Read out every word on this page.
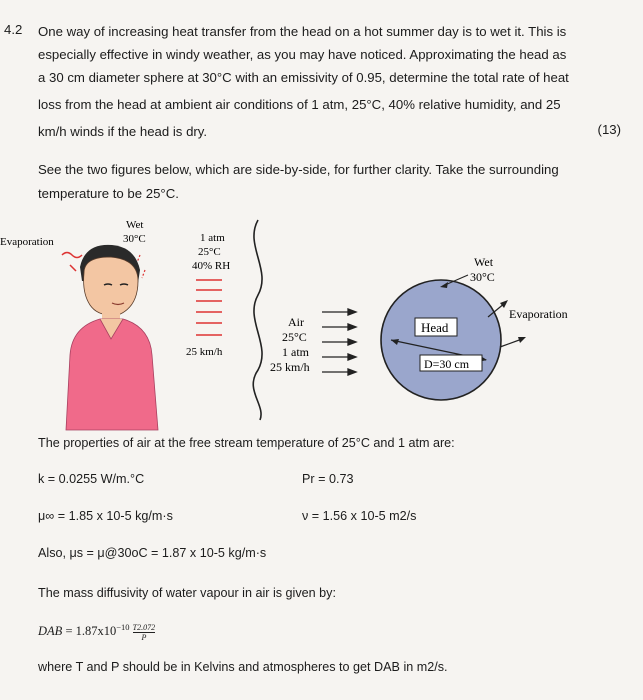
4.2 One way of increasing heat transfer from the head on a hot summer day is to wet it. This is
especially effective in windy weather, as you may have noticed. Approximating the head as
a 30 cm diameter sphere at 30°C with an emissivity of 0.95, determine the total rate of heat
loss from the head at ambient air conditions of 1 atm, 25°C, 40% relative humidity, and 25
km/h winds if the head is dry.	(13)
See the two figures below, which are side-by-side, for further clarity. Take the surrounding
temperature to be 25°C.
Evaporation
Wet
30°C	1 atm
25°C
40% RH
25 km/h
Air
25°C
1 atm
25 km/h
Head
D=30 cm
Wet
30°C
Evaporation
The properties of air at the free stream temperature of 25°C and 1 atm are:
k = 0.0255 W/m.°C	Pr = 0.73
μ∞ = 1.85 x 10-5 kg/m·s	ν = 1.56 x 10-5 m2/s
Also, μs = μ@30oC = 1.87 x 10-5 kg/m·s
The mass diffusivity of water vapour in air is given by:
DAB = $1.87x10^{-10} \frac{T2.072}{P}$
where T and P should be in Kelvins and atmospheres to get DAB in m2/s.
